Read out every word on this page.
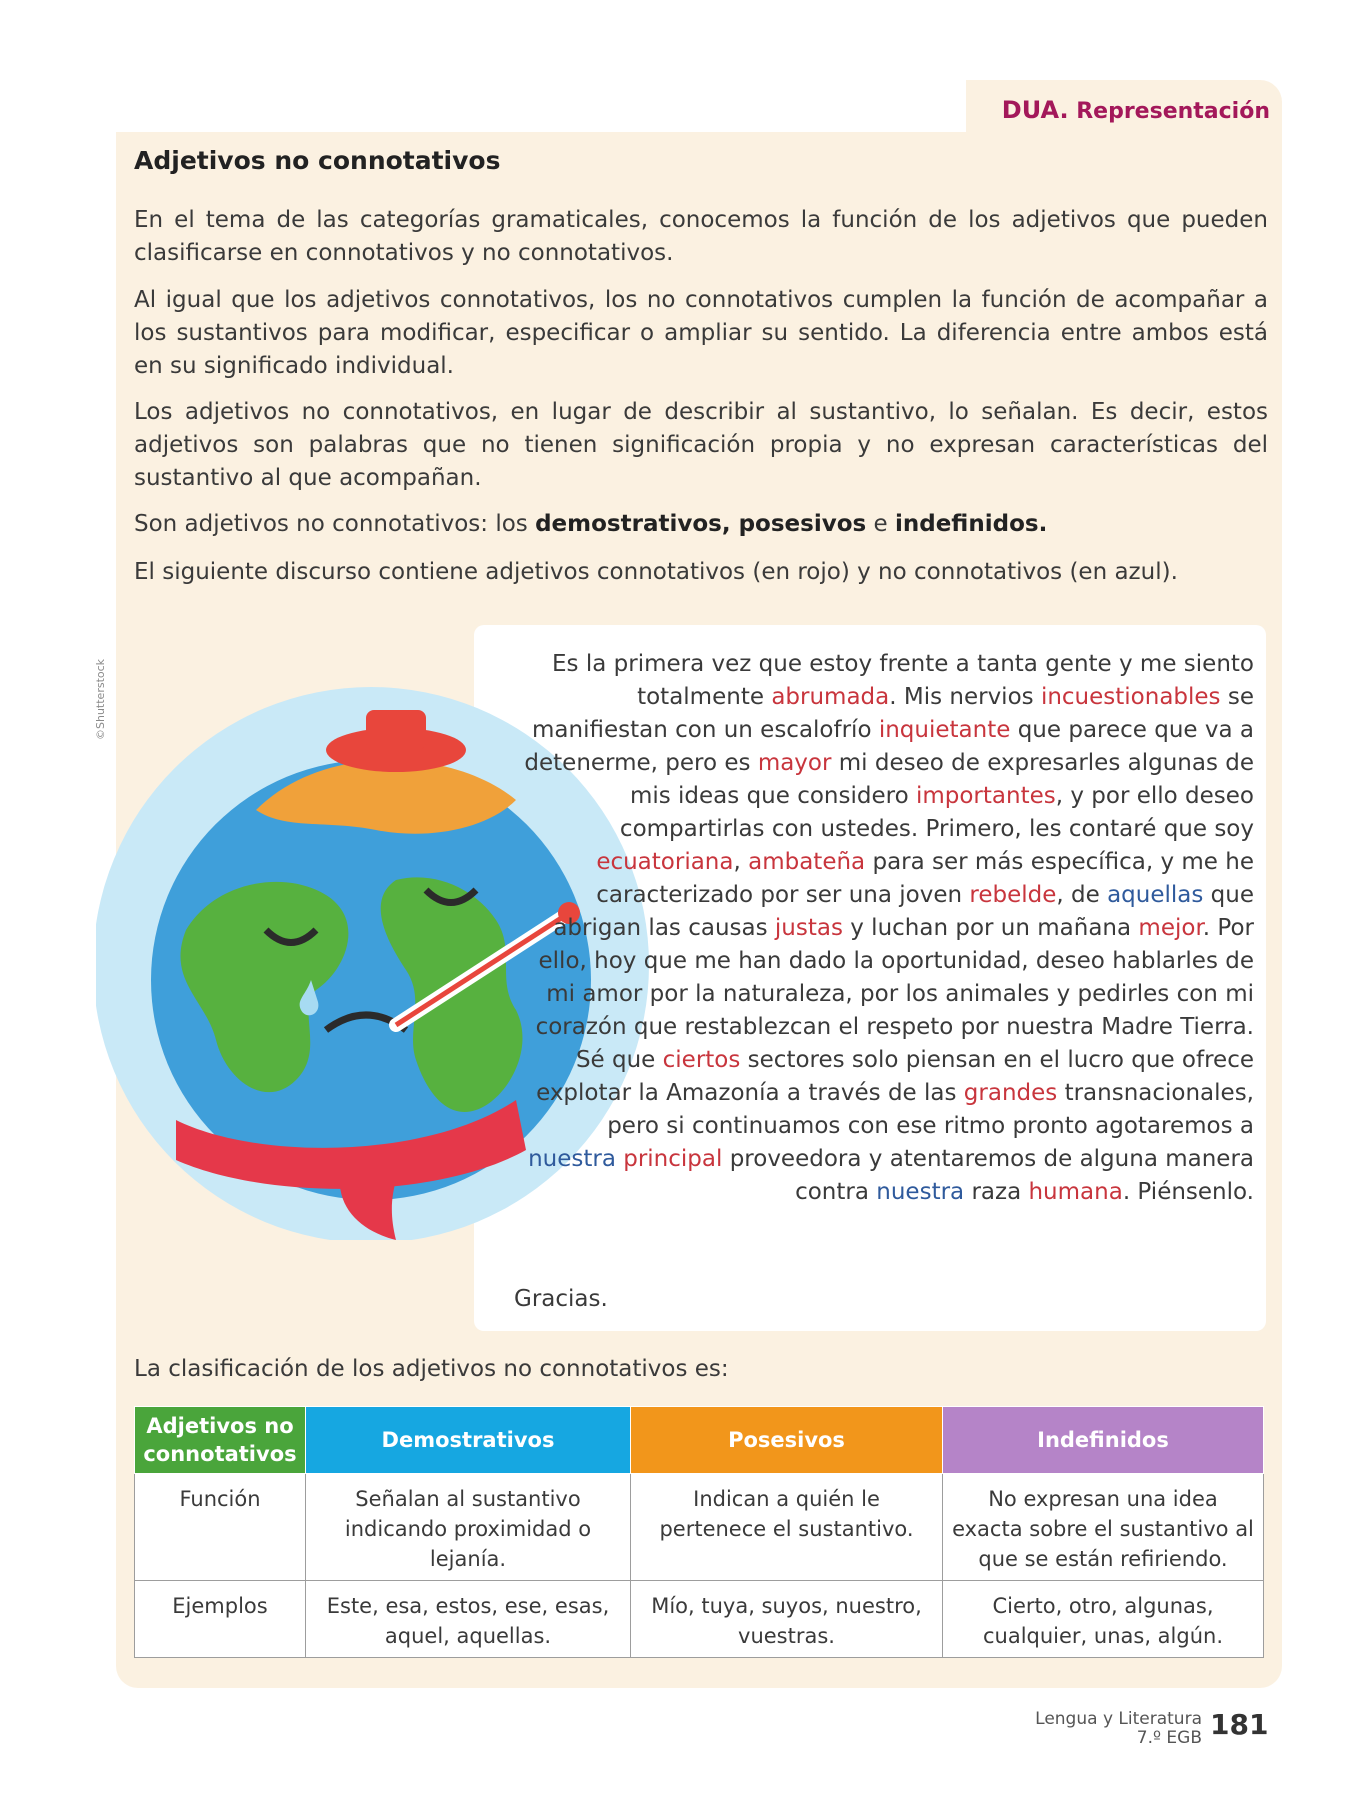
DUA. Representación
Adjetivos no connotativos
En el tema de las categorías gramaticales, conocemos la función de los adjetivos que pueden clasificarse en connotativos y no connotativos.
Al igual que los adjetivos connotativos, los no connotativos cumplen la función de acompañar a los sustantivos para modificar, especificar o ampliar su sentido. La diferencia entre ambos está en su significado individual.
Los adjetivos no connotativos, en lugar de describir al sustantivo, lo señalan. Es decir, estos adjetivos son palabras que no tienen significación propia y no expresan características del sustantivo al que acompañan.
Son adjetivos no connotativos: los demostrativos, posesivos e indefinidos.
El siguiente discurso contiene adjetivos connotativos (en rojo) y no connotativos (en azul).
©Shutterstock	Es la primera vez que estoy frente a tanta gente y me siento totalmente abrumada. Mis nervios incuestionables se manifiestan con un escalofrío inquietante que parece que va a detenerme, pero es mayor mi deseo de expresarles algunas de mis ideas que considero importantes, y por ello deseo compartirlas con ustedes. Primero, les contaré que soy ecuatoriana, ambateña para ser más específica, y me he caracterizado por ser una joven rebelde, de aquellas que abrigan las causas justas y luchan por un mañana mejor. Por ello, hoy que me han dado la oportunidad, deseo hablarles de mi amor por la naturaleza, por los animales y pedirles con mi corazón que restablezcan el respeto por nuestra Madre Tierra. Sé que ciertos sectores solo piensan en el lucro que ofrece explotar la Amazonía a través de las grandes transnacionales, pero si continuamos con ese ritmo pronto agotaremos a nuestra principal proveedora y atentaremos de alguna manera contra nuestra raza humana. Piénsenlo.
Gracias.
La clasificación de los adjetivos no connotativos es:
Adjetivos no connotativos	Demostrativos	Posesivos	Indefinidos
Función	Señalan al sustantivo indicando proximidad o lejanía.	Indican a quién le pertenece el sustantivo.	No expresan una idea exacta sobre el sustantivo al que se están refiriendo.
Ejemplos	Este, esa, estos, ese, esas, aquel, aquellas.	Mío, tuya, suyos, nuestro, vuestras.	Cierto, otro, algunas, cualquier, unas, algún.
Lengua y Literatura
7.º EGB 181
